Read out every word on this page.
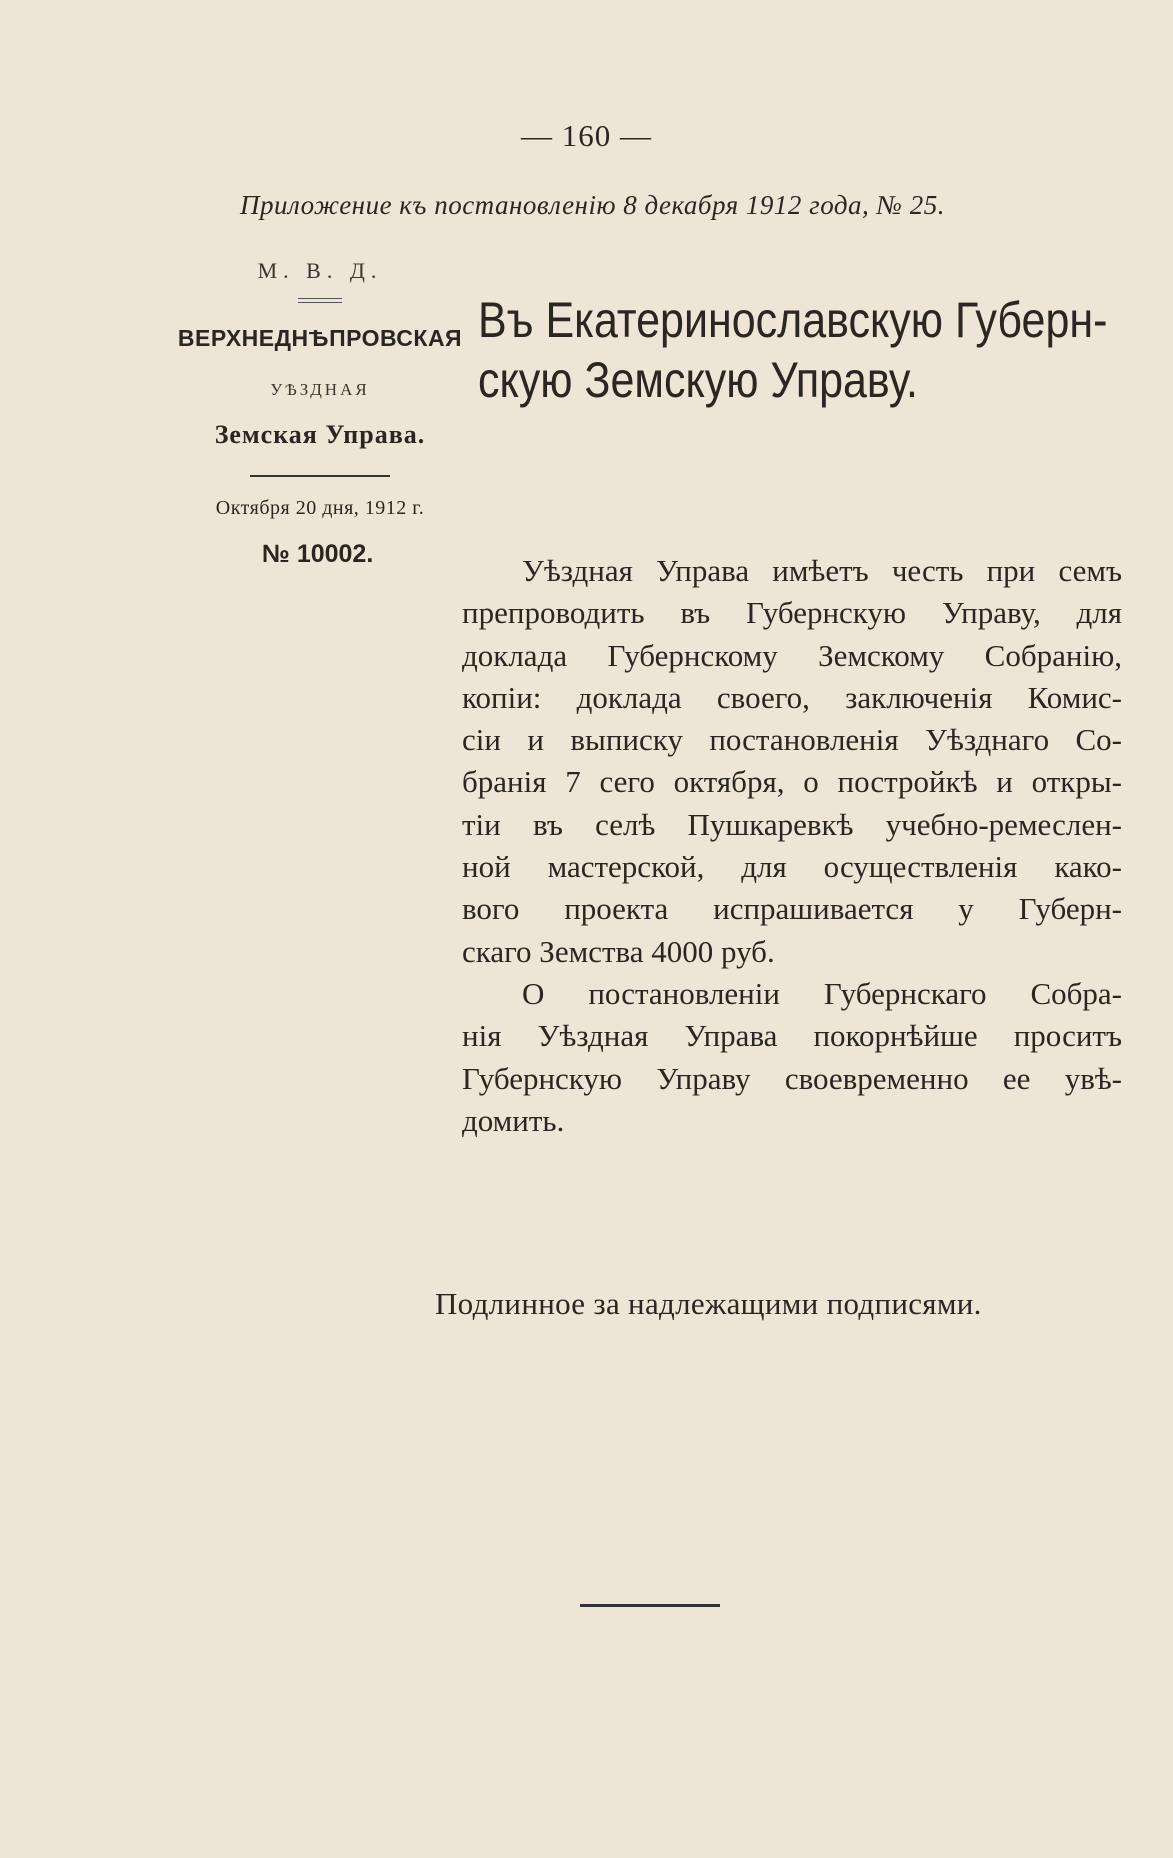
— 160 —
Приложение къ постановленію 8 декабря 1912 года, № 25.
М. В. Д.
ВЕРХНЕДНѢПРОВСКАЯ
УѢЗДНАЯ
Земская Управа.
Октября 20 дня, 1912 г.
№ 10002.
Въ Екатеринославскую Губерн-
скую Земскую Управу.
Уѣздная Управа имѣетъ честь при семъ
препроводить въ Губернскую Управу, для
доклада Губернскому Земскому Собранію,
копіи: доклада своего, заключенія Комис-
сіи и выписку постановленія Уѣзднаго Со-
бранія 7 сего октября, о постройкѣ и откры-
тіи въ селѣ Пушкаревкѣ учебно-ремеслен-
ной мастерской, для осуществленія како-
вого проекта испрашивается у Губерн-
скаго Земства 4000 руб.
О постановленіи Губернскаго Собра-
нія Уѣздная Управа покорнѣйше проситъ
Губернскую Управу своевременно ее увѣ-
домить.
Подлинное за надлежащими подписями.
